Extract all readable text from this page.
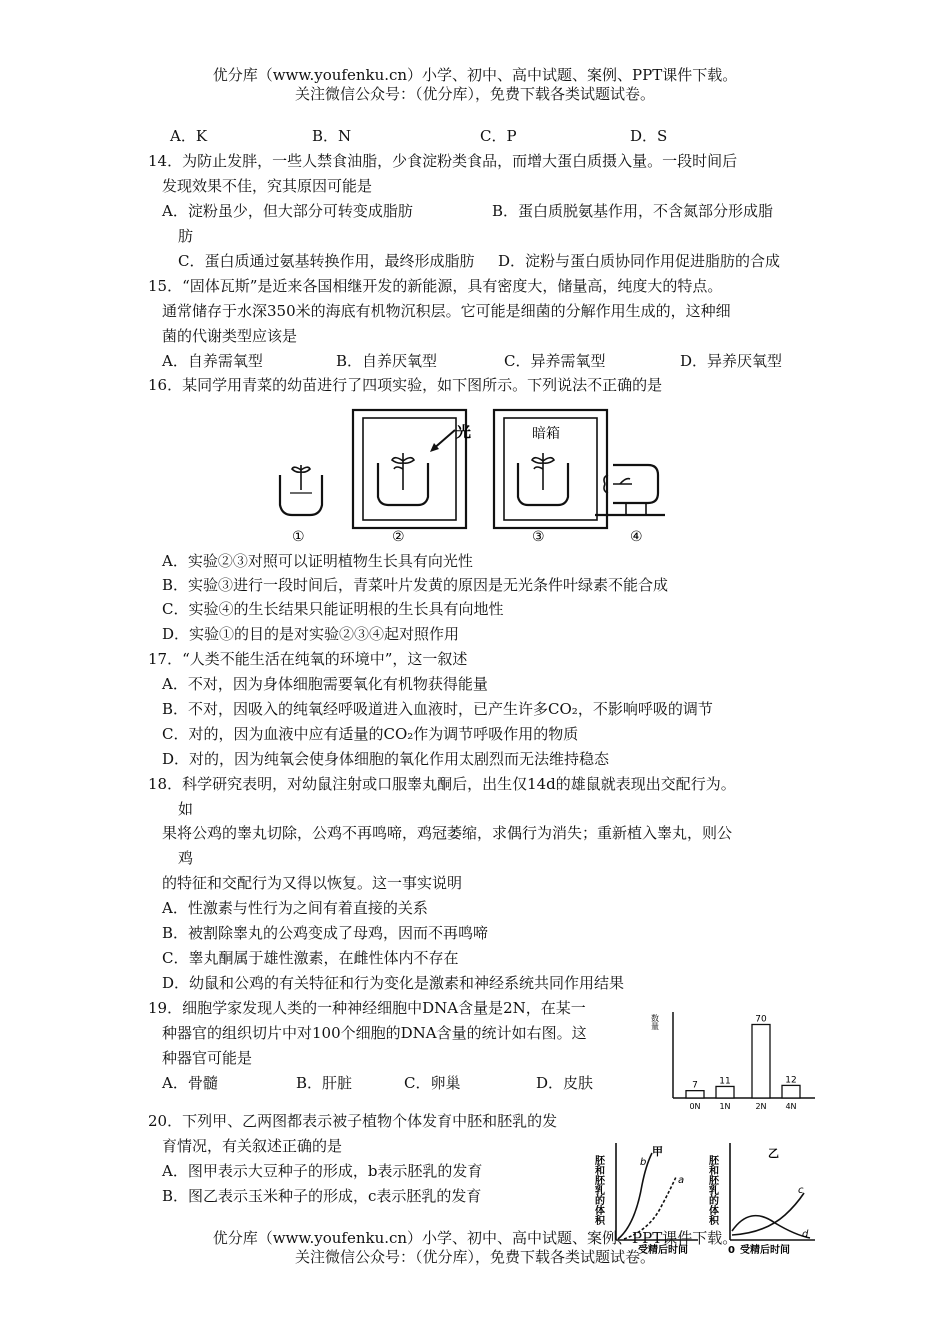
优分库（www.youfenku.cn）小学、初中、高中试题、案例、PPT课件下载。
关注微信公众号：（优分库），免费下载各类试题试卷。
A．K	B．N	C．P	D．S
14．为防止发胖，一些人禁食油脂，少食淀粉类食品，而增大蛋白质摄入量。一段时间后
发现效果不佳，究其原因可能是
A．淀粉虽少，但大部分可转变成脂肪	B．蛋白质脱氨基作用，不含氮部分形成脂
肪
C．蛋白质通过氨基转换作用，最终形成脂肪 D．淀粉与蛋白质协同作用促进脂肪的合成
15．“固体瓦斯”是近来各国相继开发的新能源，具有密度大，储量高，纯度大的特点。
通常储存于水深350米的海底有机物沉积层。它可能是细菌的分解作用生成的，这种细
菌的代谢类型应该是
A．自养需氧型	B．自养厌氧型	C．异养需氧型	D．异养厌氧型
16．某同学用青菜的幼苗进行了四项实验，如下图所示。下列说法不正确的是
光	暗箱
①	②	③	④
A．实验②③对照可以证明植物生长具有向光性
B．实验③进行一段时间后，青菜叶片发黄的原因是无光条件叶绿素不能合成
C．实验④的生长结果只能证明根的生长具有向地性
D．实验①的目的是对实验②③④起对照作用
17．“人类不能生活在纯氧的环境中”，这一叙述
A．不对，因为身体细胞需要氧化有机物获得能量
B．不对，因吸入的纯氧经呼吸道进入血液时，已产生许多CO₂，不影响呼吸的调节
C．对的，因为血液中应有适量的CO₂作为调节呼吸作用的物质
D．对的，因为纯氧会使身体细胞的氧化作用太剧烈而无法维持稳态
18．科学研究表明，对幼鼠注射或口服睾丸酮后，出生仅14d的雄鼠就表现出交配行为。
如
果将公鸡的睾丸切除，公鸡不再鸣啼，鸡冠萎缩，求偶行为消失；重新植入睾丸，则公
鸡
的特征和交配行为又得以恢复。这一事实说明
A．性激素与性行为之间有着直接的关系
B．被割除睾丸的公鸡变成了母鸡，因而不再鸣啼
C．睾丸酮属于雄性激素，在雌性体内不存在
D．幼鼠和公鸡的有关特征和行为变化是激素和神经系统共同作用结果
19．细胞学家发现人类的一种神经细胞中DNA含量是2N，在某一
种器官的组织切片中对100个细胞的DNA含量的统计如右图。这
种器官可能是
A．骨髓	B．肝脏	C．卵巢	D．皮肤
数量
7
0N
11
1N
70
2N
12
4N
20．下列甲、乙两图都表示被子植物个体发育中胚和胚乳的发
育情况，有关叙述正确的是
A．图甲表示大豆种子的形成，b表示胚乳的发育
B．图乙表示玉米种子的形成，c表示胚乳的发育
甲	乙
b
a
c
d
胚和胚乳的体积	胚和胚乳的体积
0 受精后时间
受精后时间
优分库（www.youfenku.cn）小学、初中、高中试题、案例、PPT课件下载。
关注微信公众号：（优分库），免费下载各类试题试卷。
